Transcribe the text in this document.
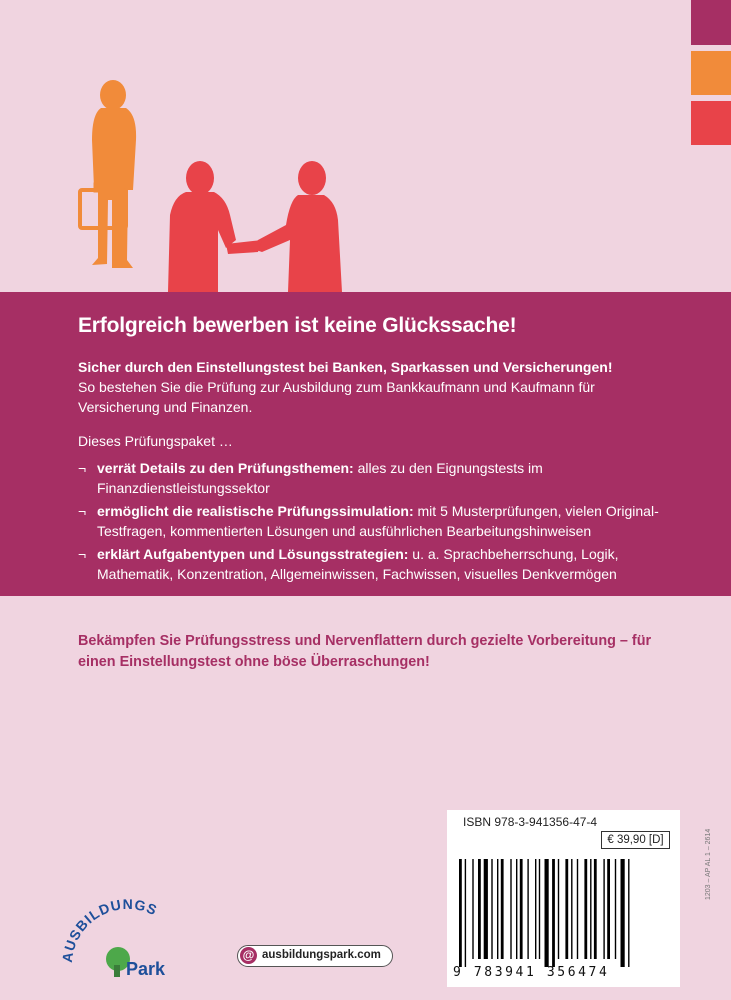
Erfolgreich bewerben ist keine Glückssache!

Sicher durch den Einstellungstest bei Banken, Sparkassen und Versicherungen!

So bestehen Sie die Prüfung zur Ausbildung zum Bankkaufmann und Kaufmann für Versicherung und Finanzen.

Dieses Prüfungspaket …

¬ verrät Details zu den Prüfungsthemen: alles zu den Eignungstests im Finanzdienstleistungssektor
¬ ermöglicht die realistische Prüfungssimulation: mit 5 Musterprüfungen, vielen Original-Testfragen, kommentierten Lösungen und ausführlichen Bearbeitungshinweisen
¬ erklärt Aufgabentypen und Lösungsstrategien: u. a. Sprachbeherrschung, Logik, Mathematik, Konzentration, Allgemeinwissen, Fachwissen, visuelles Denkvermögen

Bekämpfen Sie Prüfungsstress und Nervenflattern durch gezielte Vorbereitung – für einen Einstellungstest ohne böse Überraschungen!

AUSBILDUNGS
Park
@ ausbildungspark.com
ISBN 978-3-941356-47-4
€ 39,90 [D]
9 783941 356474
1203 – AP AL 1 – 2614
